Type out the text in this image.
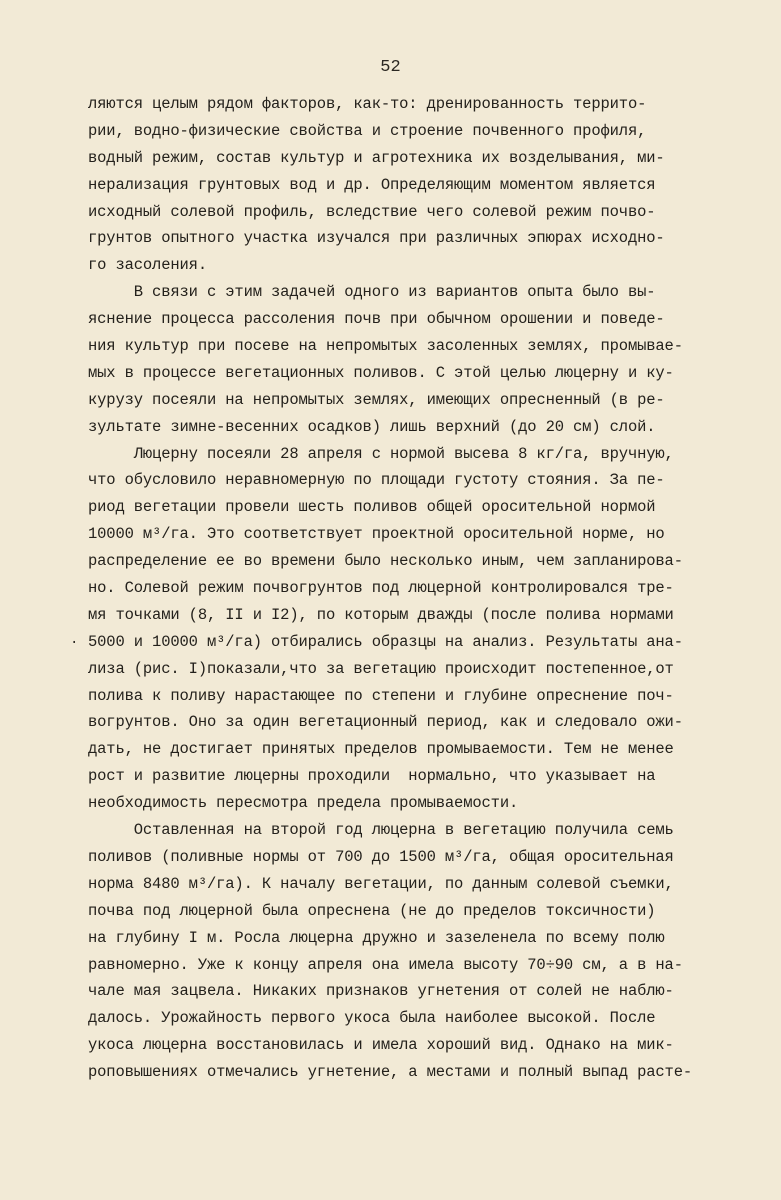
52
.
ляются целым рядом факторов, как-то: дренированность террито-
рии, водно-физические свойства и строение почвенного профиля,
водный режим, состав культур и агротехника их возделывания, ми-
нерализация грунтовых вод и др. Определяющим моментом является
исходный солевой профиль, вследствие чего солевой режим почво-
грунтов опытного участка изучался при различных эпюрах исходно-
го засоления.
В связи с этим задачей одного из вариантов опыта было вы-
яснение процесса рассоления почв при обычном орошении и поведе-
ния культур при посеве на непромытых засоленных землях, промывае-
мых в процессе вегетационных поливов. С этой целью люцерну и ку-
курузу посеяли на непромытых землях, имеющих опресненный (в ре-
зультате зимне-весенних осадков) лишь верхний (до 20 см) слой.
Люцерну посеяли 28 апреля с нормой высева 8 кг/га, вручную,
что обусловило неравномерную по площади густоту стояния. За пе-
риод вегетации провели шесть поливов общей оросительной нормой
10000 м³/га. Это соответствует проектной оросительной норме, но
распределение ее во времени было несколько иным, чем запланирова-
но. Солевой режим почвогрунтов под люцерной контролировался тре-
мя точками (8, II и I2), по которым дважды (после полива нормами
5000 и 10000 м³/га) отбирались образцы на анализ. Результаты ана-
лиза (рис. I)показали,что за вегетацию происходит постепенное,от
полива к поливу нарастающее по степени и глубине опреснение поч-
вогрунтов. Оно за один вегетационный период, как и следовало ожи-
дать, не достигает принятых пределов промываемости. Тем не менее
рост и развитие люцерны проходили  нормально, что указывает на
необходимость пересмотра предела промываемости.
Оставленная на второй год люцерна в вегетацию получила семь
поливов (поливные нормы от 700 до 1500 м³/га, общая оросительная
норма 8480 м³/га). К началу вегетации, по данным солевой съемки,
почва под люцерной была опреснена (не до пределов токсичности)
на глубину I м. Росла люцерна дружно и зазеленела по всему полю
равномерно. Уже к концу апреля она имела высоту 70÷90 см, а в на-
чале мая зацвела. Никаких признаков угнетения от солей не наблю-
далось. Урожайность первого укоса была наиболее высокой. После
укоса люцерна восстановилась и имела хороший вид. Однако на мик-
роповышениях отмечались угнетение, а местами и полный выпад расте-
